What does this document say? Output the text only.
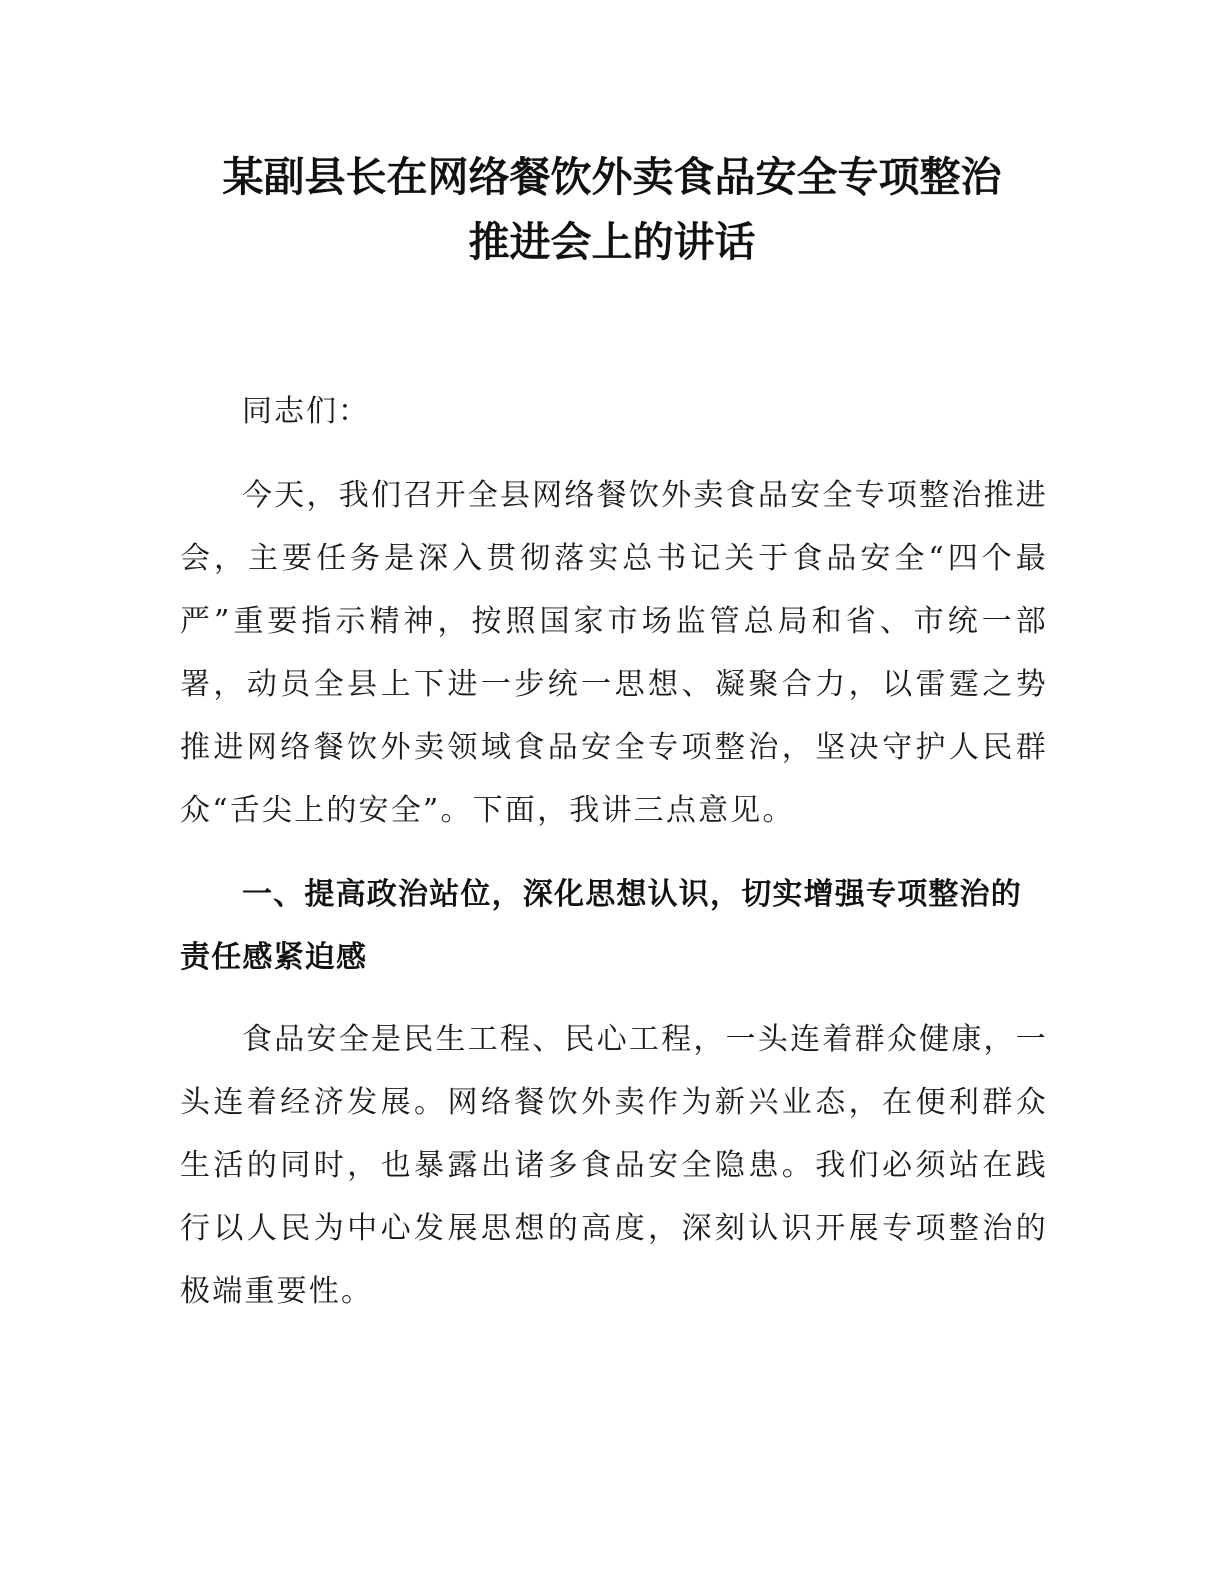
某副县长在网络餐饮外卖食品安全专项整治
推进会上的讲话

同志们：

今天，我们召开全县网络餐饮外卖食品安全专项整治推进会，主要任务是深入贯彻落实总书记关于食品安全“四个最严”重要指示精神，按照国家市场监管总局和省、市统一部署，动员全县上下进一步统一思想、凝聚合力，以雷霆之势推进网络餐饮外卖领域食品安全专项整治，坚决守护人民群众“舌尖上的安全”。下面，我讲三点意见。

一、提高政治站位，深化思想认识，切实增强专项整治的责任感紧迫感

食品安全是民生工程、民心工程，一头连着群众健康，一头连着经济发展。网络餐饮外卖作为新兴业态，在便利群众生活的同时，也暴露出诸多食品安全隐患。我们必须站在践行以人民为中心发展思想的高度，深刻认识开展专项整治的极端重要性。
